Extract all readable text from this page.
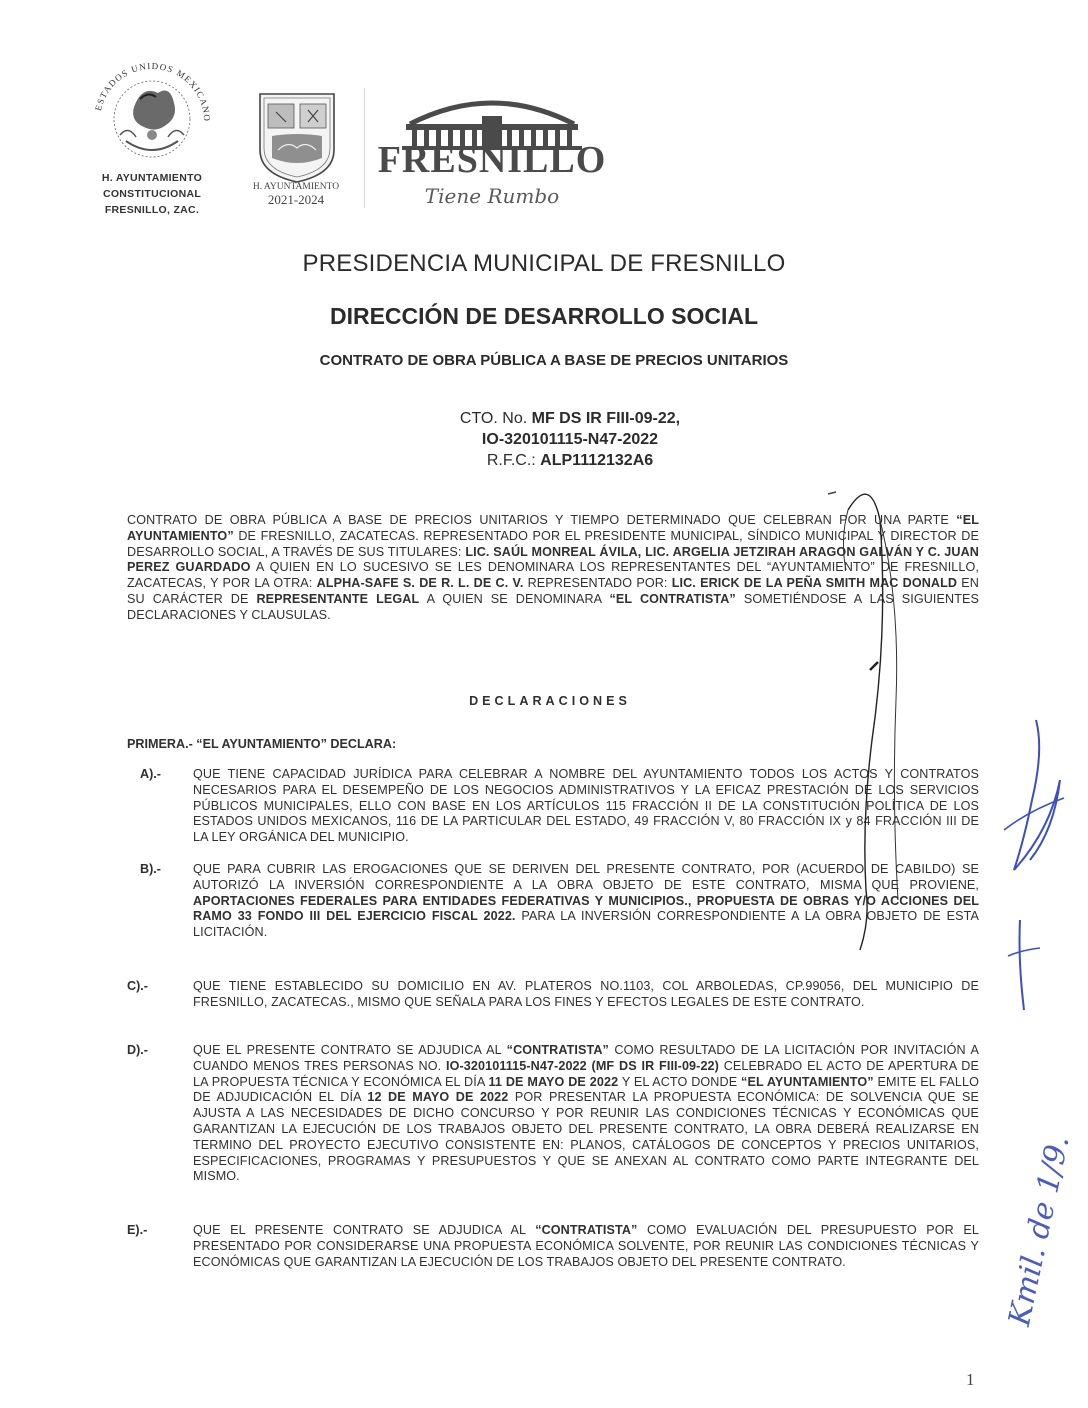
ESTADOS UNIDOS MEXICANO
H. AYUNTAMIENTO
CONSTITUCIONAL
FRESNILLO, ZAC.
H. AYUNTAMIENTO
2021-2024
FRESNILLO
Tiene Rumbo
PRESIDENCIA MUNICIPAL DE FRESNILLO
DIRECCIÓN DE DESARROLLO SOCIAL
CONTRATO DE OBRA PÚBLICA A BASE DE PRECIOS UNITARIOS
CTO. No. MF DS IR FIII-09-22,
IO-320101115-N47-2022
R.F.C.: ALP1112132A6
CONTRATO DE OBRA PÚBLICA A BASE DE PRECIOS UNITARIOS Y TIEMPO DETERMINADO QUE CELEBRAN POR UNA PARTE “EL AYUNTAMIENTO” DE FRESNILLO, ZACATECAS. REPRESENTADO POR EL PRESIDENTE MUNICIPAL, SÍNDICO MUNICIPAL Y DIRECTOR DE DESARROLLO SOCIAL, A TRAVÉS DE SUS TITULARES: LIC. SAÚL MONREAL ÁVILA, LIC. ARGELIA JETZIRAH ARAGON GALVÁN Y C. JUAN PEREZ GUARDADO A QUIEN EN LO SUCESIVO SE LES DENOMINARA LOS REPRESENTANTES DEL “AYUNTAMIENTO” DE FRESNILLO, ZACATECAS, Y POR LA OTRA: ALPHA-SAFE S. DE R. L. DE C. V. REPRESENTADO POR: LIC. ERICK DE LA PEÑA SMITH MAC DONALD EN SU CARÁCTER DE REPRESENTANTE LEGAL A QUIEN SE DENOMINARA “EL CONTRATISTA” SOMETIÉNDOSE A LAS SIGUIENTES DECLARACIONES Y CLAUSULAS.
DECLARACIONES
PRIMERA.- “EL AYUNTAMIENTO” DECLARA:
A).-	QUE TIENE CAPACIDAD JURÍDICA PARA CELEBRAR A NOMBRE DEL AYUNTAMIENTO TODOS LOS ACTOS Y CONTRATOS NECESARIOS PARA EL DESEMPEÑO DE LOS NEGOCIOS ADMINISTRATIVOS Y LA EFICAZ PRESTACIÓN DE LOS SERVICIOS PÚBLICOS MUNICIPALES, ELLO CON BASE EN LOS ARTÍCULOS 115 FRACCIÓN II DE LA CONSTITUCIÓN POLÍTICA DE LOS ESTADOS UNIDOS MEXICANOS, 116 DE LA PARTICULAR DEL ESTADO, 49 FRACCIÓN V, 80 FRACCIÓN IX y 84 FRACCIÓN III DE LA LEY ORGÁNICA DEL MUNICIPIO.
B).-	QUE PARA CUBRIR LAS EROGACIONES QUE SE DERIVEN DEL PRESENTE CONTRATO, POR (ACUERDO DE CABILDO) SE AUTORIZÓ LA INVERSIÓN CORRESPONDIENTE A LA OBRA OBJETO DE ESTE CONTRATO, MISMA QUE PROVIENE, APORTACIONES FEDERALES PARA ENTIDADES FEDERATIVAS Y MUNICIPIOS., PROPUESTA DE OBRAS Y/O ACCIONES DEL RAMO 33 FONDO III DEL EJERCICIO FISCAL 2022. PARA LA INVERSIÓN CORRESPONDIENTE A LA OBRA OBJETO DE ESTA LICITACIÓN.
C).-	QUE TIENE ESTABLECIDO SU DOMICILIO EN AV. PLATEROS NO.1103, COL ARBOLEDAS, CP.99056, DEL MUNICIPIO DE FRESNILLO, ZACATECAS., MISMO QUE SEÑALA PARA LOS FINES Y EFECTOS LEGALES DE ESTE CONTRATO.
D).-	QUE EL PRESENTE CONTRATO SE ADJUDICA AL “CONTRATISTA” COMO RESULTADO DE LA LICITACIÓN POR INVITACIÓN A CUANDO MENOS TRES PERSONAS NO. IO-320101115-N47-2022 (MF DS IR FIII-09-22) CELEBRADO EL ACTO DE APERTURA DE LA PROPUESTA TÉCNICA Y ECONÓMICA EL DÍA 11 DE MAYO DE 2022 Y EL ACTO DONDE “EL AYUNTAMIENTO” EMITE EL FALLO DE ADJUDICACIÓN EL DÍA 12 DE MAYO DE 2022 POR PRESENTAR LA PROPUESTA ECONÓMICA: DE SOLVENCIA QUE SE AJUSTA A LAS NECESIDADES DE DICHO CONCURSO Y POR REUNIR LAS CONDICIONES TÉCNICAS Y ECONÓMICAS QUE GARANTIZAN LA EJECUCIÓN DE LOS TRABAJOS OBJETO DEL PRESENTE CONTRATO, LA OBRA DEBERÁ REALIZARSE EN TERMINO DEL PROYECTO EJECUTIVO CONSISTENTE EN: PLANOS, CATÁLOGOS DE CONCEPTOS Y PRECIOS UNITARIOS, ESPECIFICACIONES, PROGRAMAS Y PRESUPUESTOS Y QUE SE ANEXAN AL CONTRATO COMO PARTE INTEGRANTE DEL MISMO.
E).-	QUE EL PRESENTE CONTRATO SE ADJUDICA AL “CONTRATISTA” COMO EVALUACIÓN DEL PRESUPUESTO POR EL PRESENTADO POR CONSIDERARSE UNA PROPUESTA ECONÓMICA SOLVENTE, POR REUNIR LAS CONDICIONES TÉCNICAS Y ECONÓMICAS QUE GARANTIZAN LA EJECUCIÓN DE LOS TRABAJOS OBJETO DEL PRESENTE CONTRATO.
1
Kmil. de 1/9.
